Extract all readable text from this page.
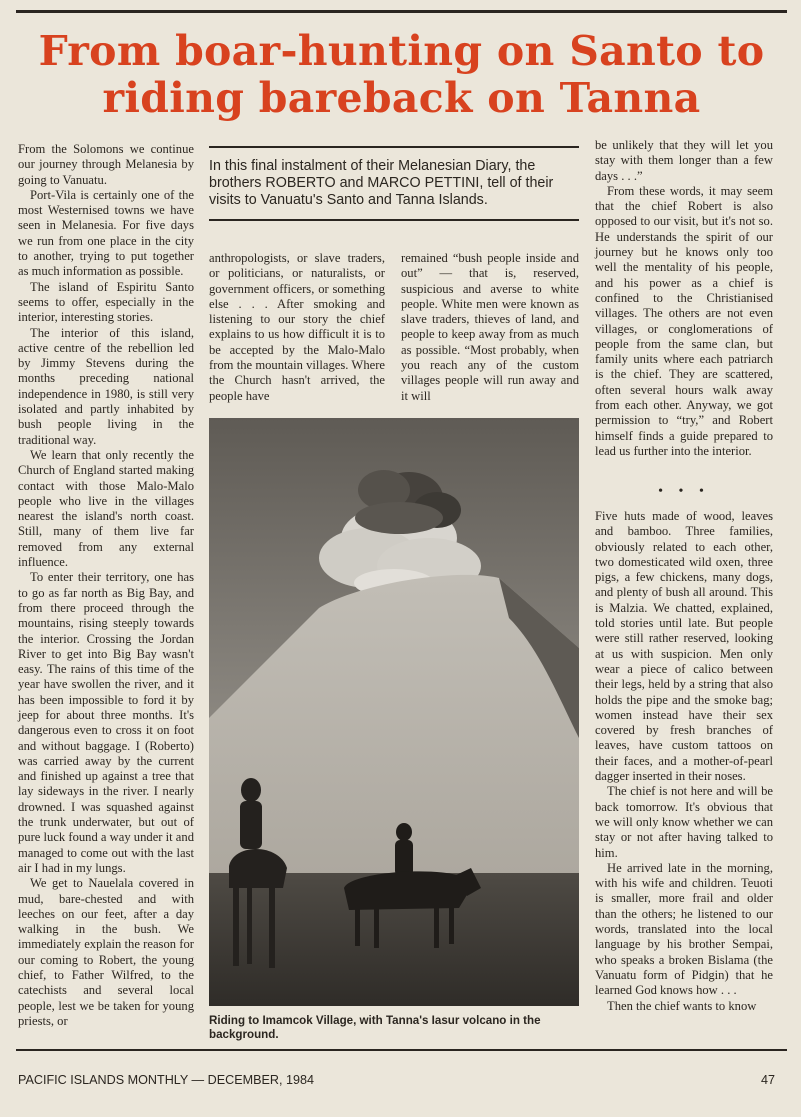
From boar-hunting on Santo to
riding bareback on Tanna

From the Solomons we continue our journey through Melanesia by going to Vanuatu.

Port-Vila is certainly one of the most Westernised towns we have seen in Melanesia. For five days we run from one place in the city to another, trying to put together as much information as possible.

The island of Espiritu Santo seems to offer, especially in the interior, interesting stories.

The interior of this island, active centre of the rebellion led by Jimmy Stevens during the months preceding national independence in 1980, is still very isolated and partly inhabited by bush people living in the traditional way.

We learn that only recently the Church of England started making contact with those Malo-Malo people who live in the villages nearest the island's north coast. Still, many of them live far removed from any external influence.

To enter their territory, one has to go as far north as Big Bay, and from there proceed through the mountains, rising steeply towards the interior. Crossing the Jordan River to get into Big Bay wasn't easy. The rains of this time of the year have swollen the river, and it has been impossible to ford it by jeep for about three months. It's dangerous even to cross it on foot and without baggage. I (Roberto) was carried away by the current and finished up against a tree that lay sideways in the river. I nearly drowned. I was squashed against the trunk underwater, but out of pure luck found a way under it and managed to come out with the last air I had in my lungs.

We get to Nauelala covered in mud, bare-chested and with leeches on our feet, after a day walking in the bush. We immediately explain the reason for our coming to Robert, the young chief, to Father Wilfred, to the catechists and several local people, lest we be taken for young priests, or

In this final instalment of their Melanesian Diary, the brothers ROBERTO and MARCO PETTINI, tell of their visits to Vanuatu's Santo and Tanna Islands.

anthropologists, or slave traders, or politicians, or naturalists, or government officers, or something else . . . After smoking and listening to our story the chief explains to us how difficult it is to be accepted by the Malo-Malo from the mountain villages. Where the Church hasn't arrived, the people have

remained “bush people inside and out” — that is, reserved, suspicious and averse to white people. White men were known as slave traders, thieves of land, and people to keep away from as much as possible. “Most probably, when you reach any of the custom villages people will run away and it will

Riding to Imamcok Village, with Tanna's Iasur volcano in the background.

be unlikely that they will let you stay with them longer than a few days . . .”

From these words, it may seem that the chief Robert is also opposed to our visit, but it's not so. He understands the spirit of our journey but he knows only too well the mentality of his people, and his power as a chief is confined to the Christianised villages. The others are not even villages, or conglomerations of people from the same clan, but family units where each patriarch is the chief. They are scattered, often several hours walk away from each other. Anyway, we got permission to “try,” and Robert himself finds a guide prepared to lead us further into the interior.

• • •

Five huts made of wood, leaves and bamboo. Three families, obviously related to each other, two domesticated wild oxen, three pigs, a few chickens, many dogs, and plenty of bush all around. This is Malzia. We chatted, explained, told stories until late. But people were still rather reserved, looking at us with suspicion. Men only wear a piece of calico between their legs, held by a string that also holds the pipe and the smoke bag; women instead have their sex covered by fresh branches of leaves, have custom tattoos on their faces, and a mother-of-pearl dagger inserted in their noses.

The chief is not here and will be back tomorrow. It's obvious that we will only know whether we can stay or not after having talked to him.

He arrived late in the morning, with his wife and children. Teuoti is smaller, more frail and older than the others; he listened to our words, translated into the local language by his brother Sempai, who speaks a broken Bislama (the Vanuatu form of Pidgin) that he learned God knows how . . .

Then the chief wants to know

PACIFIC ISLANDS MONTHLY — DECEMBER, 1984	47
